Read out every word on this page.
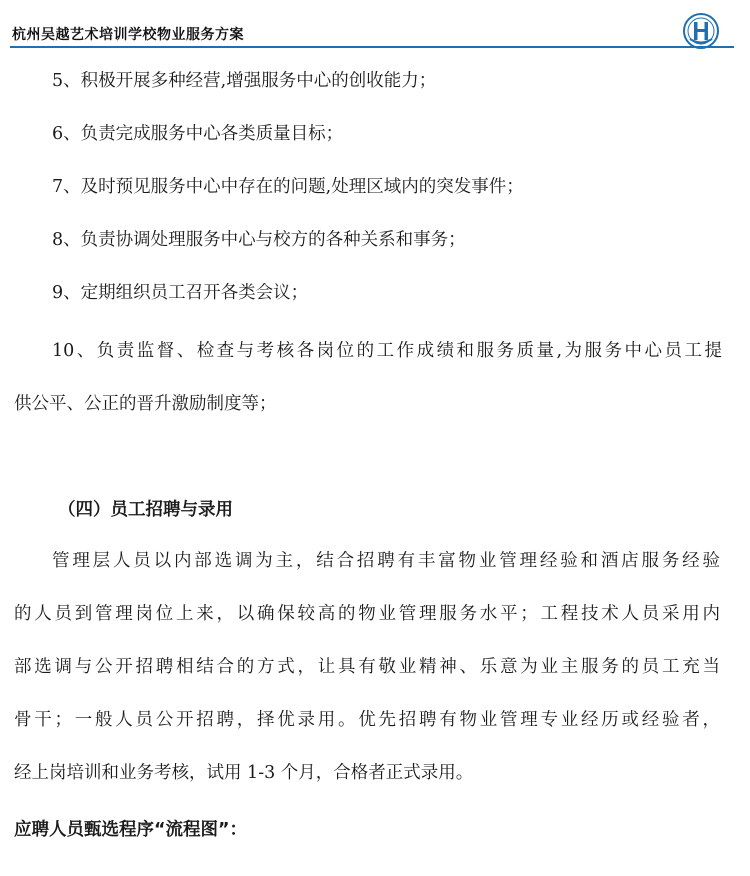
杭州吴越艺术培训学校物业服务方案
5、积极开展多种经营,增强服务中心的创收能力；
6、负责完成服务中心各类质量目标；
7、及时预见服务中心中存在的问题,处理区域内的突发事件；
8、负责协调处理服务中心与校方的各种关系和事务；
9、定期组织员工召开各类会议；
10、负责监督、检查与考核各岗位的工作成绩和服务质量,为服务中心员工提
供公平、公正的晋升激励制度等；
（四）员工招聘与录用
管理层人员以内部选调为主，结合招聘有丰富物业管理经验和酒店服务经验
的人员到管理岗位上来，以确保较高的物业管理服务水平；工程技术人员采用内
部选调与公开招聘相结合的方式，让具有敬业精神、乐意为业主服务的员工充当
骨干；一般人员公开招聘，择优录用。优先招聘有物业管理专业经历或经验者，
经上岗培训和业务考核，试用 1-3 个月，合格者正式录用。
应聘人员甄选程序“流程图”：
